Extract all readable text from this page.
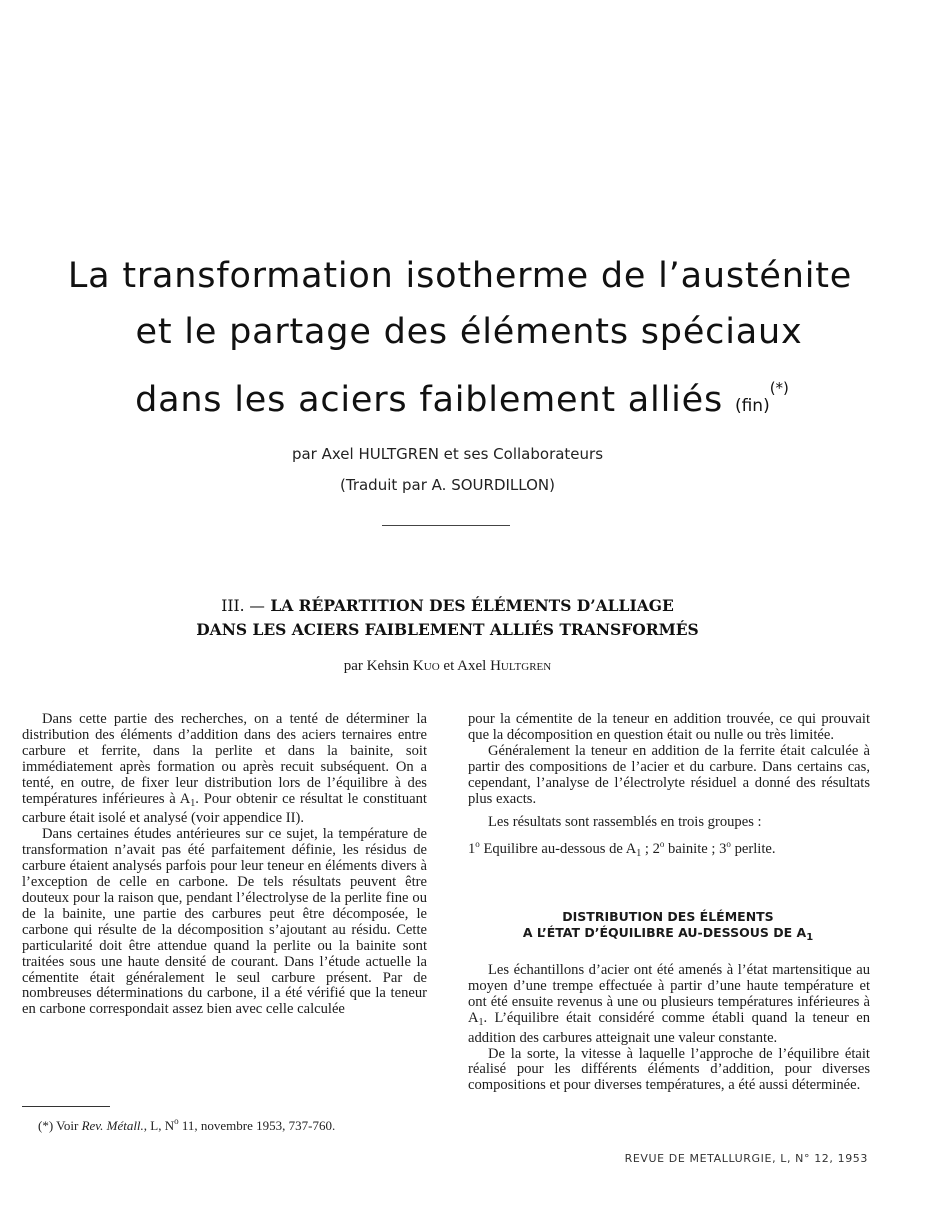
La transformation isotherme de l’austénite
et le partage des éléments spéciaux
dans les aciers faiblement alliés (fin)(*)
par Axel HULTGREN et ses Collaborateurs
(Traduit par A. SOURDILLON)
III. — LA RÉPARTITION DES ÉLÉMENTS D’ALLIAGE
DANS LES ACIERS FAIBLEMENT ALLIÉS TRANSFORMÉS
par Kehsin Kuo et Axel Hultgren

Dans cette partie des recherches, on a tenté de déterminer la distribution des éléments d’addition dans des aciers ternaires entre carbure et ferrite, dans la perlite et dans la bainite, soit immédiatement après formation ou après recuit subséquent. On a tenté, en outre, de fixer leur distribution lors de l’équilibre à des températures inférieures à $A_1$. Pour obtenir ce résultat le constituant carbure était isolé et analysé (voir appendice II).

Dans certaines études antérieures sur ce sujet, la température de transformation n’avait pas été parfaitement définie, les résidus de carbure étaient analysés parfois pour leur teneur en éléments divers à l’exception de celle en carbone. De tels résultats peuvent être douteux pour la raison que, pendant l’électrolyse de la perlite fine ou de la bainite, une partie des carbures peut être décomposée, le carbone qui résulte de la décomposition s’ajoutant au résidu. Cette particularité doit être attendue quand la perlite ou la bainite sont traitées sous une haute densité de courant. Dans l’étude actuelle la cémentite était généralement le seul carbure présent. Par de nombreuses déterminations du carbone, il a été vérifié que la teneur en carbone correspondait assez bien avec celle calculée

pour la cémentite de la teneur en addition trouvée, ce qui prouvait que la décomposition en question était ou nulle ou très limitée.

Généralement la teneur en addition de la ferrite était calculée à partir des compositions de l’acier et du carbure. Dans certains cas, cependant, l’analyse de l’électrolyte résiduel a donné des résultats plus exacts.

Les résultats sont rassemblés en trois groupes :

1$^o$ Equilibre au-dessous de $A_1$ ; 2$^o$ bainite ; 3$^o$ perlite.

DISTRIBUTION DES ÉLÉMENTS
A L’ÉTAT D’ÉQUILIBRE AU-DESSOUS DE $A_1$

Les échantillons d’acier ont été amenés à l’état martensitique au moyen d’une trempe effectuée à partir d’une haute température et ont été ensuite revenus à une ou plusieurs températures inférieures à $A_1$. L’équilibre était considéré comme établi quand la teneur en addition des carbures atteignait une valeur constante.

De la sorte, la vitesse à laquelle l’approche de l’équilibre était réalisé pour les différents éléments d’addition, pour diverses compositions et pour diverses températures, a été aussi déterminée.

(*) Voir Rev. Métall., L, $N^o$ 11, novembre 1953, 737-760.
REVUE DE METALLURGIE, L, N° 12, 1953
